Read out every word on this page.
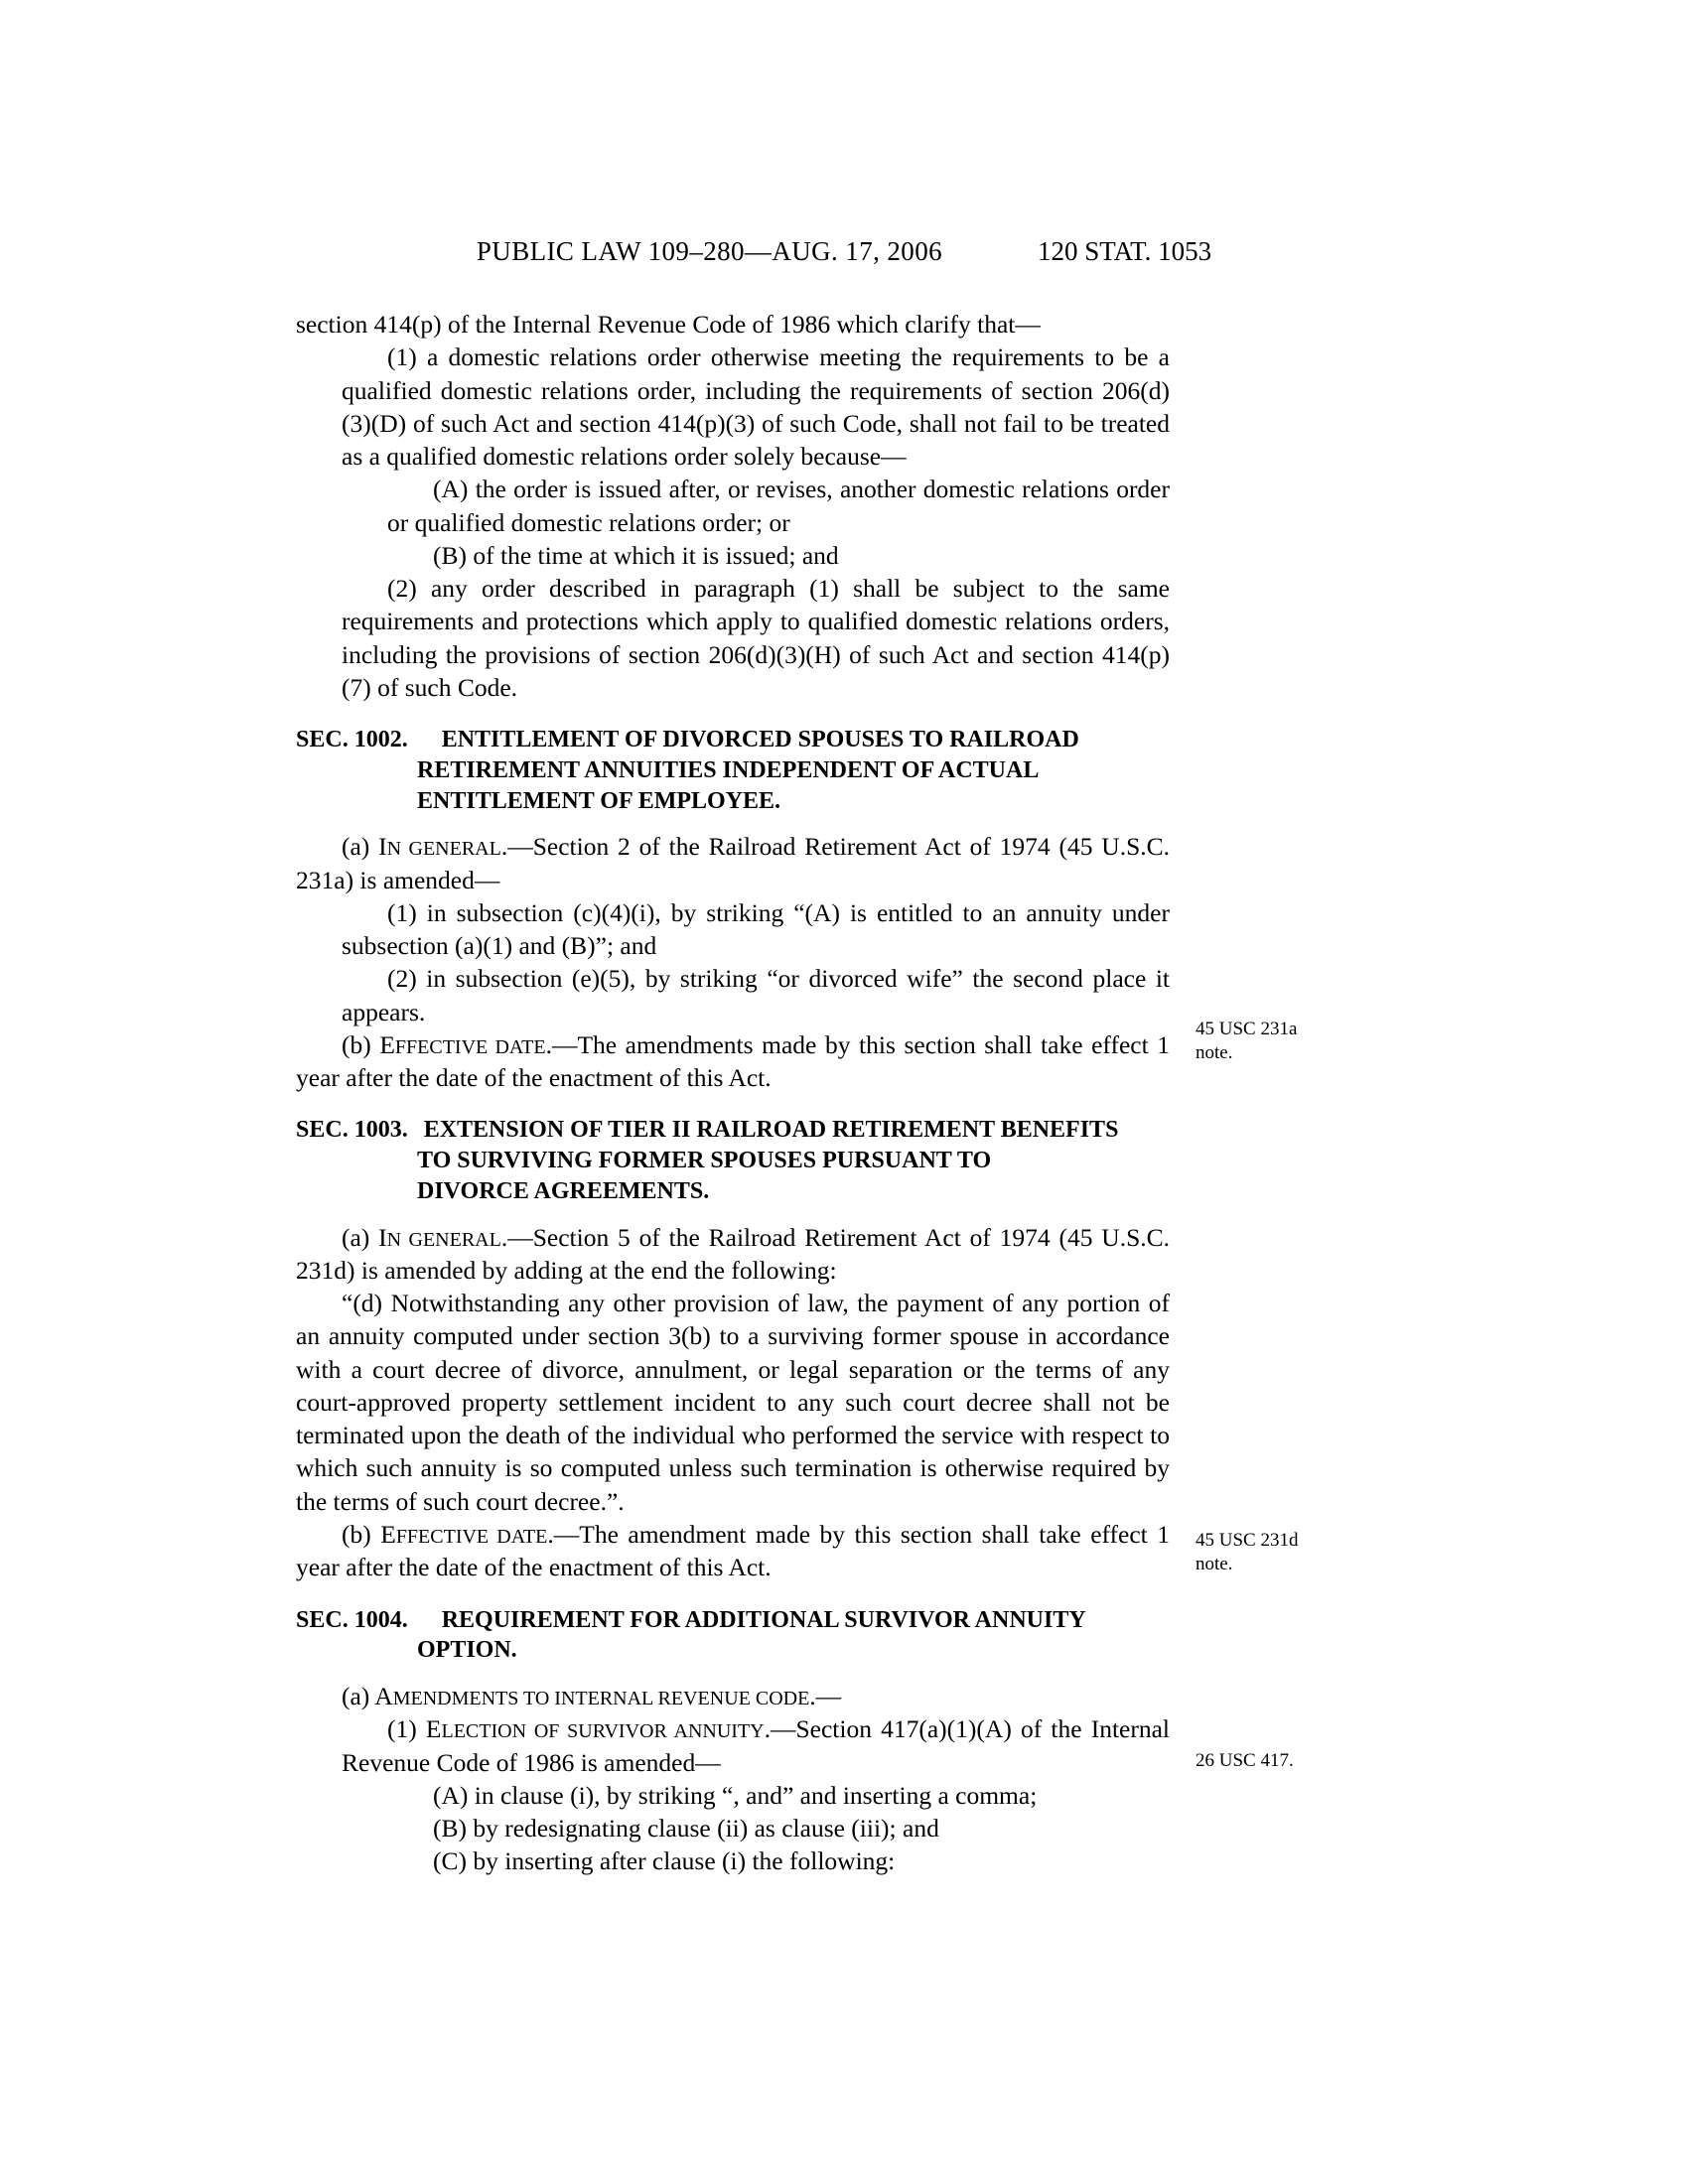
PUBLIC LAW 109–280—AUG. 17, 2006	120 STAT. 1053

section 414(p) of the Internal Revenue Code of 1986 which clarify that—

(1) a domestic relations order otherwise meeting the requirements to be a qualified domestic relations order, including the requirements of section 206(d)(3)(D) of such Act and section 414(p)(3) of such Code, shall not fail to be treated as a qualified domestic relations order solely because—

(A) the order is issued after, or revises, another domestic relations order or qualified domestic relations order; or

(B) of the time at which it is issued; and

(2) any order described in paragraph (1) shall be subject to the same requirements and protections which apply to qualified domestic relations orders, including the provisions of section 206(d)(3)(H) of such Act and section 414(p)(7) of such Code.

SEC. 1002. ENTITLEMENT OF DIVORCED SPOUSES TO RAILROAD
RETIREMENT ANNUITIES INDEPENDENT OF ACTUAL
ENTITLEMENT OF EMPLOYEE.

(a) IN GENERAL.—Section 2 of the Railroad Retirement Act of 1974 (45 U.S.C. 231a) is amended—

(1) in subsection (c)(4)(i), by striking “(A) is entitled to an annuity under subsection (a)(1) and (B)”; and

(2) in subsection (e)(5), by striking “or divorced wife” the second place it appears.

(b) EFFECTIVE DATE.—The amendments made by this section shall take effect 1 year after the date of the enactment of this Act.

SEC. 1003. EXTENSION OF TIER II RAILROAD RETIREMENT BENEFITS
TO SURVIVING FORMER SPOUSES PURSUANT TO
DIVORCE AGREEMENTS.

(a) IN GENERAL.—Section 5 of the Railroad Retirement Act of 1974 (45 U.S.C. 231d) is amended by adding at the end the following:

“(d) Notwithstanding any other provision of law, the payment of any portion of an annuity computed under section 3(b) to a surviving former spouse in accordance with a court decree of divorce, annulment, or legal separation or the terms of any court-approved property settlement incident to any such court decree shall not be terminated upon the death of the individual who performed the service with respect to which such annuity is so computed unless such termination is otherwise required by the terms of such court decree.”.

(b) EFFECTIVE DATE.—The amendment made by this section shall take effect 1 year after the date of the enactment of this Act.

SEC. 1004. REQUIREMENT FOR ADDITIONAL SURVIVOR ANNUITY
OPTION.

(a) AMENDMENTS TO INTERNAL REVENUE CODE.—

(1) ELECTION OF SURVIVOR ANNUITY.—Section 417(a)(1)(A) of the Internal Revenue Code of 1986 is amended—

(A) in clause (i), by striking “, and” and inserting a comma;

(B) by redesignating clause (ii) as clause (iii); and

(C) by inserting after clause (i) the following:

45 USC 231a
note.
45 USC 231d
note.
26 USC 417.
